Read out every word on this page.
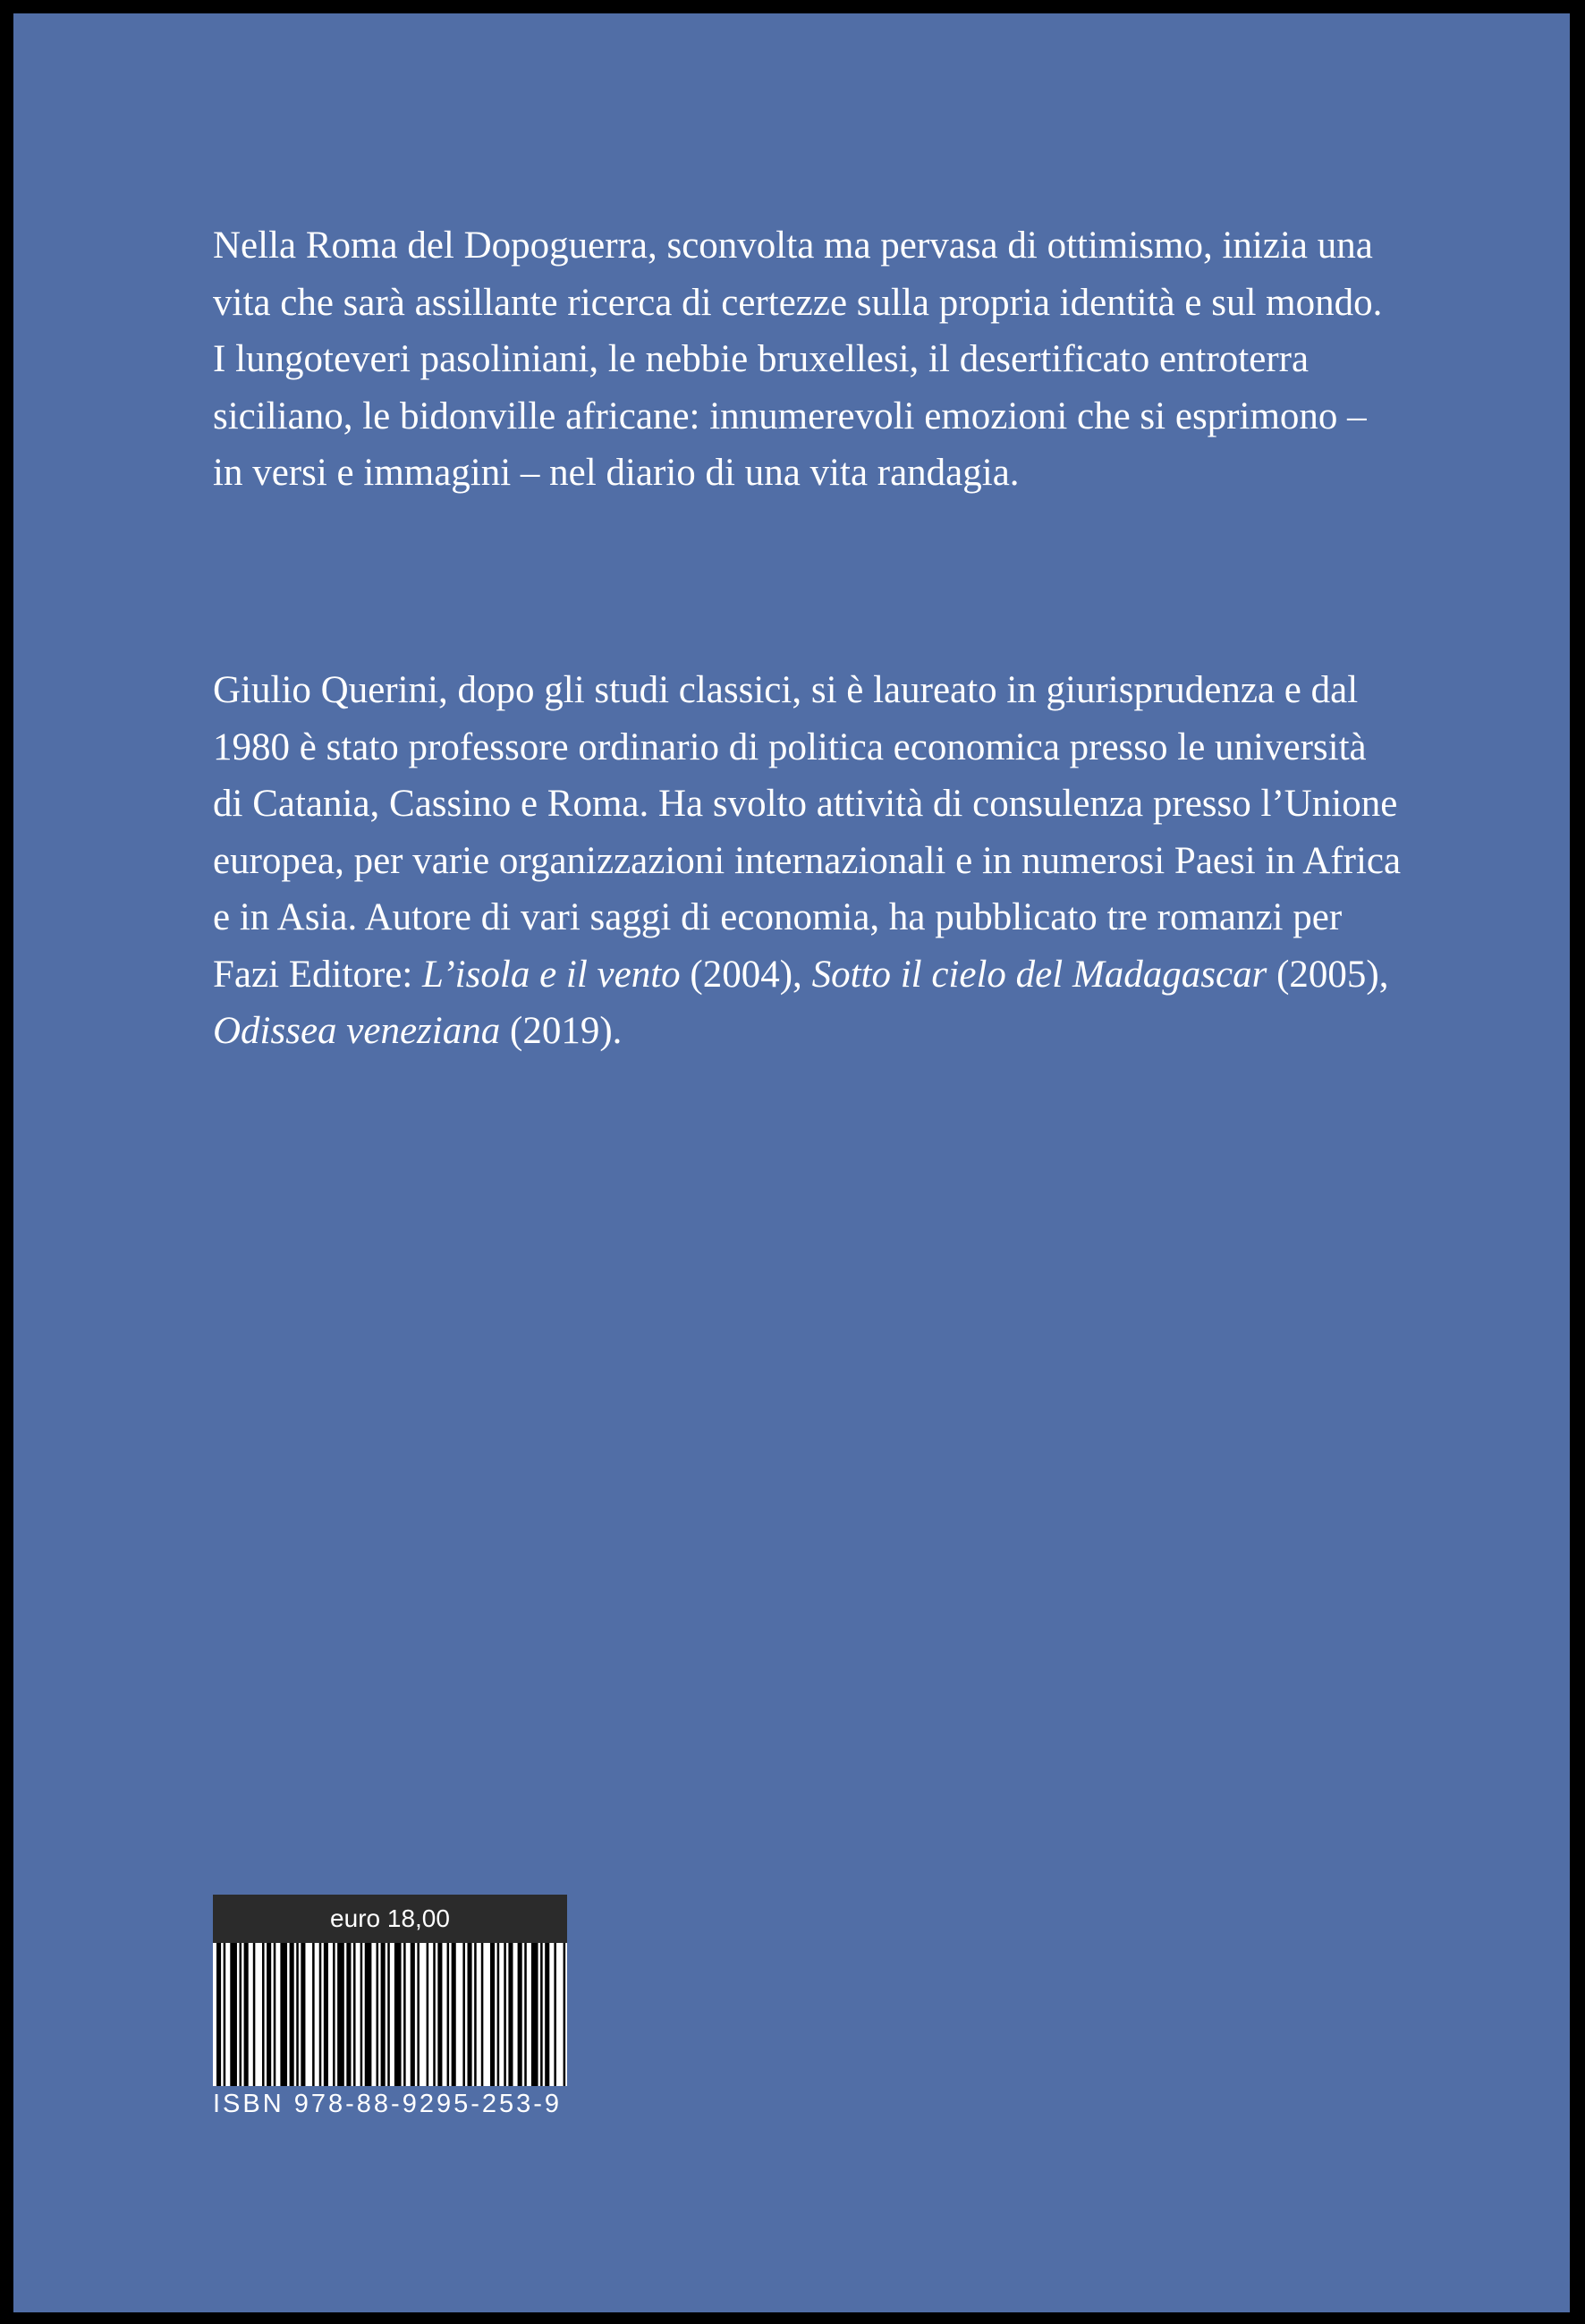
Nella Roma del Dopoguerra, sconvolta ma pervasa di ottimismo, inizia una vita che sarà assillante ricerca di certezze sulla propria identità e sul mondo. I lungoteveri pasoliniani, le nebbie bruxellesi, il desertificato entroterra siciliano, le bidonville africane: innumerevoli emozioni che si esprimono – in versi e immagini – nel diario di una vita randagia.

Giulio Querini, dopo gli studi classici, si è laureato in giurisprudenza e dal 1980 è stato professore ordinario di politica economica presso le università di Catania, Cassino e Roma. Ha svolto attività di consulenza presso l’Unione europea, per varie organizzazioni internazionali e in numerosi Paesi in Africa e in Asia. Autore di vari saggi di economia, ha pubblicato tre romanzi per Fazi Editore: L’isola e il vento (2004), Sotto il cielo del Madagascar (2005), Odissea veneziana (2019).

euro 18,00
ISBN 978-88-9295-253-9
